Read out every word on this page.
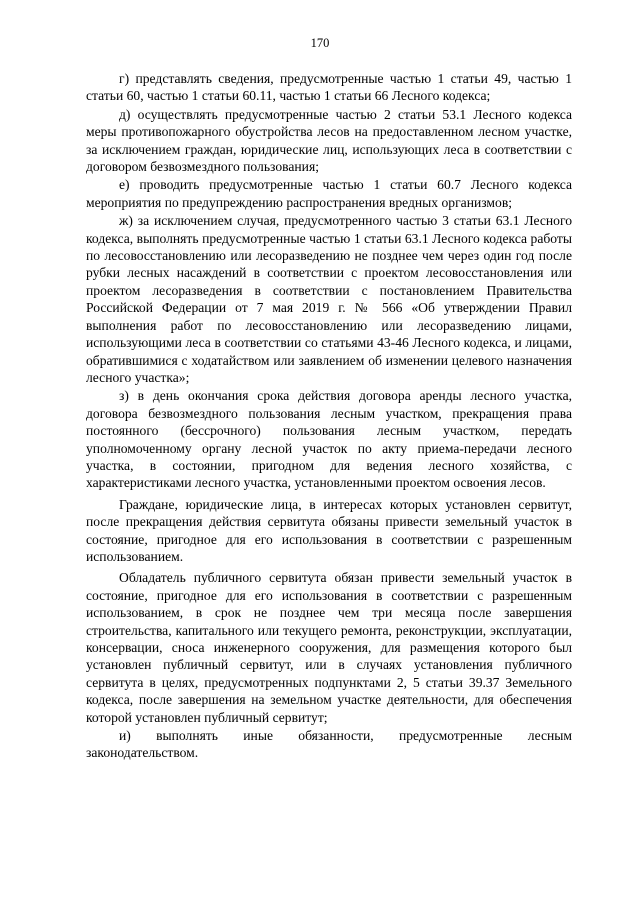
170

г) представлять сведения, предусмотренные частью 1 статьи 49, частью 1 статьи 60, частью 1 статьи 60.11, частью 1 статьи 66 Лесного кодекса;

д) осуществлять предусмотренные частью 2 статьи 53.1 Лесного кодекса меры противопожарного обустройства лесов на предоставленном лесном участке, за исключением граждан, юридические лиц, использующих леса в соответствии с договором безвозмездного пользования;

е) проводить предусмотренные частью 1 статьи 60.7 Лесного кодекса мероприятия по предупреждению распространения вредных организмов;

ж) за исключением случая, предусмотренного частью 3 статьи 63.1 Лесного кодекса, выполнять предусмотренные частью 1 статьи 63.1 Лесного кодекса работы по лесовосстановлению или лесоразведению не позднее чем через один год после рубки лесных насаждений в соответствии с проектом лесовосстановления или проектом лесоразведения в соответствии с постановлением Правительства Российской Федерации от 7 мая 2019 г. № 566 «Об утверждении Правил выполнения работ по лесовосстановлению или лесоразведению лицами, использующими леса в соответствии со статьями 43-46 Лесного кодекса, и лицами, обратившимися с ходатайством или заявлением об изменении целевого назначения лесного участка»;

з) в день окончания срока действия договора аренды лесного участка, договора безвозмездного пользования лесным участком, прекращения права постоянного (бессрочного) пользования лесным участком, передать уполномоченному органу лесной участок по акту приема-передачи лесного участка, в состоянии, пригодном для ведения лесного хозяйства, с характеристиками лесного участка, установленными проектом освоения лесов.

Граждане, юридические лица, в интересах которых установлен сервитут, после прекращения действия сервитута обязаны привести земельный участок в состояние, пригодное для его использования в соответствии с разрешенным использованием.

Обладатель публичного сервитута обязан привести земельный участок в состояние, пригодное для его использования в соответствии с разрешенным использованием, в срок не позднее чем три месяца после завершения строительства, капитального или текущего ремонта, реконструкции, эксплуатации, консервации, сноса инженерного сооружения, для размещения которого был установлен публичный сервитут, или в случаях установления публичного сервитута в целях, предусмотренных подпунктами 2, 5 статьи 39.37 Земельного кодекса, после завершения на земельном участке деятельности, для обеспечения которой установлен публичный сервитут;

и) выполнять иные обязанности, предусмотренные лесным законодательством.
